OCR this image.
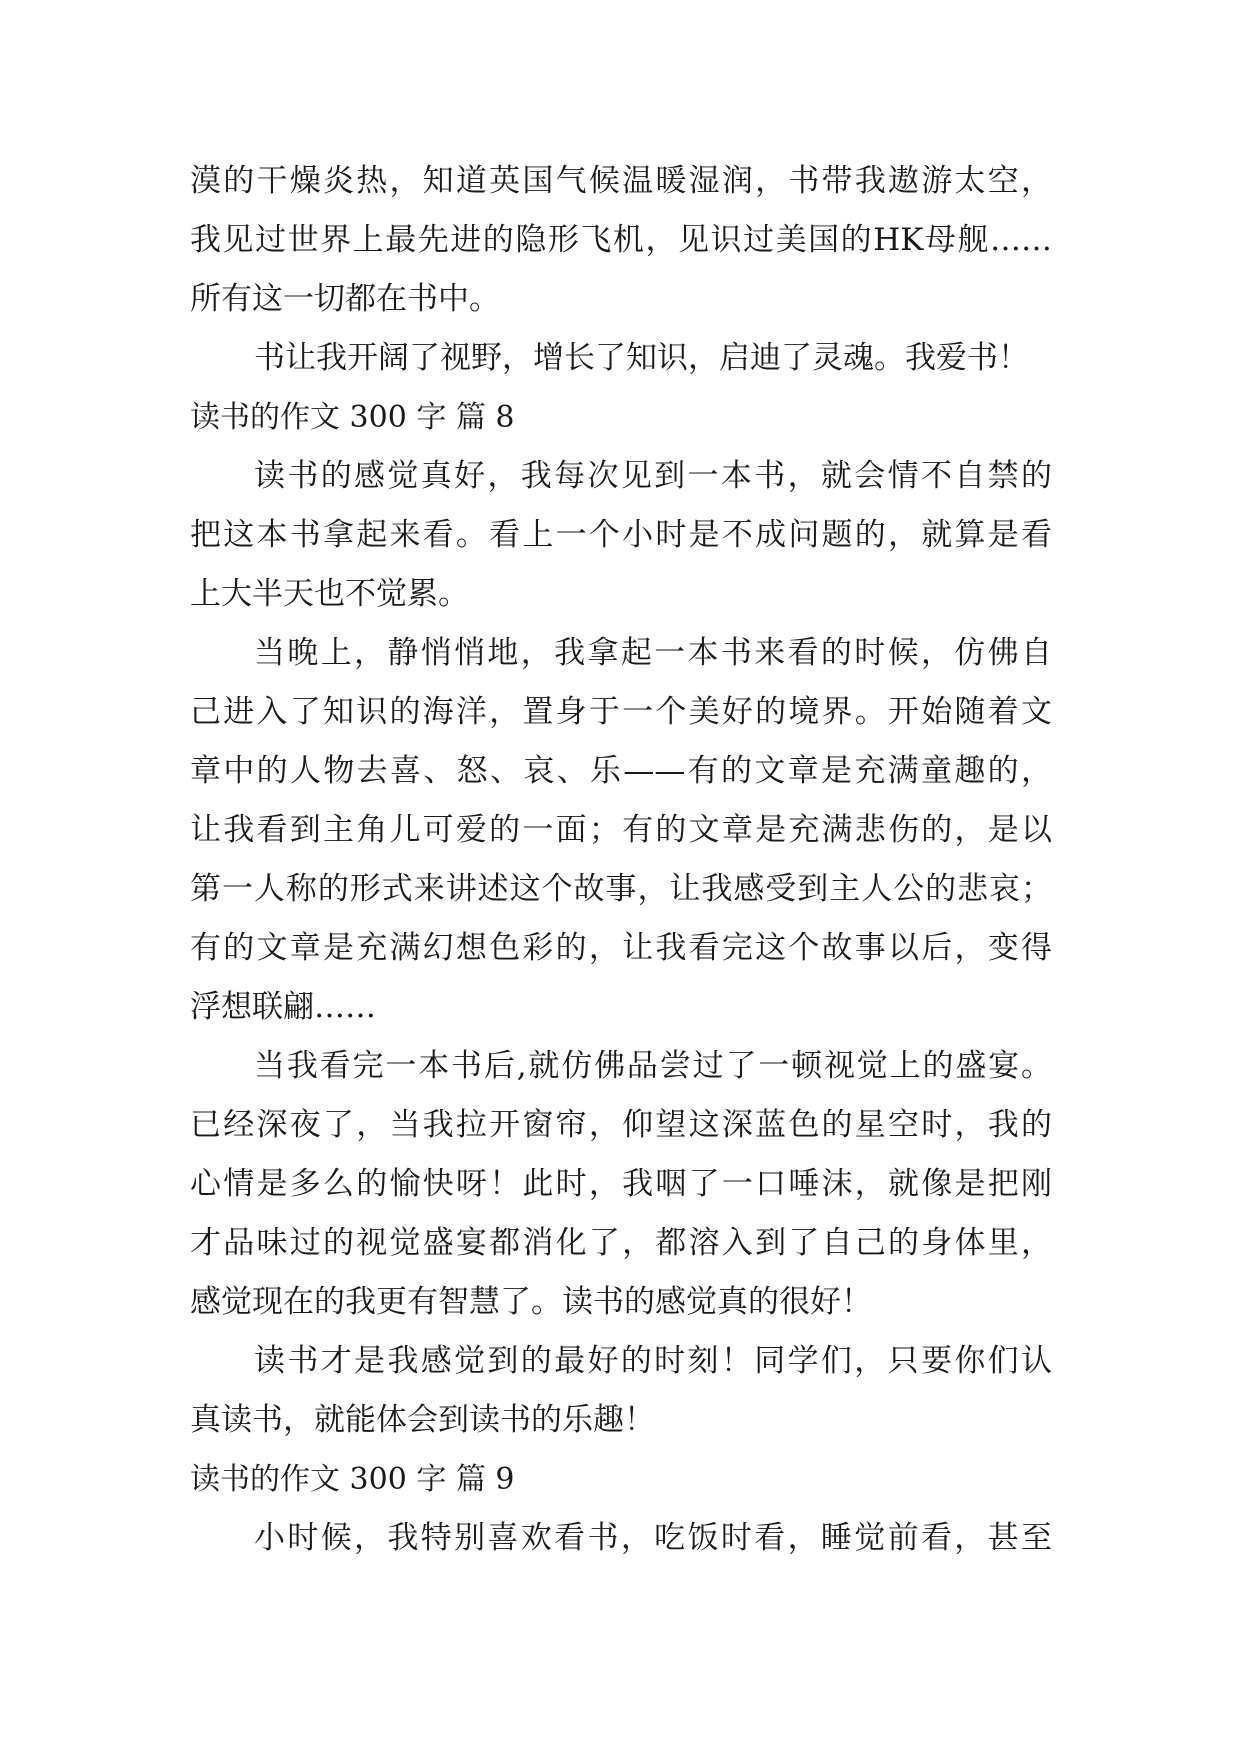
漠的干燥炎热，知道英国气候温暖湿润，书带我遨游太空，
我见过世界上最先进的隐形飞机，见识过美国的HK母舰……
所有这一切都在书中。
书让我开阔了视野，增长了知识，启迪了灵魂。我爱书！
读书的作文 300 字 篇 8
读书的感觉真好，我每次见到一本书，就会情不自禁的
把这本书拿起来看。看上一个小时是不成问题的，就算是看
上大半天也不觉累。
当晚上，静悄悄地，我拿起一本书来看的时候，仿佛自
己进入了知识的海洋，置身于一个美好的境界。开始随着文
章中的人物去喜、怒、哀、乐——有的文章是充满童趣的，
让我看到主角儿可爱的一面；有的文章是充满悲伤的，是以
第一人称的形式来讲述这个故事，让我感受到主人公的悲哀；
有的文章是充满幻想色彩的，让我看完这个故事以后，变得
浮想联翩……
当我看完一本书后,就仿佛品尝过了一顿视觉上的盛宴。
已经深夜了，当我拉开窗帘，仰望这深蓝色的星空时，我的
心情是多么的愉快呀！此时，我咽了一口唾沫，就像是把刚
才品味过的视觉盛宴都消化了，都溶入到了自己的身体里，
感觉现在的我更有智慧了。读书的感觉真的很好！
读书才是我感觉到的最好的时刻！同学们，只要你们认
真读书，就能体会到读书的乐趣！
读书的作文 300 字 篇 9
小时候，我特别喜欢看书，吃饭时看，睡觉前看，甚至
